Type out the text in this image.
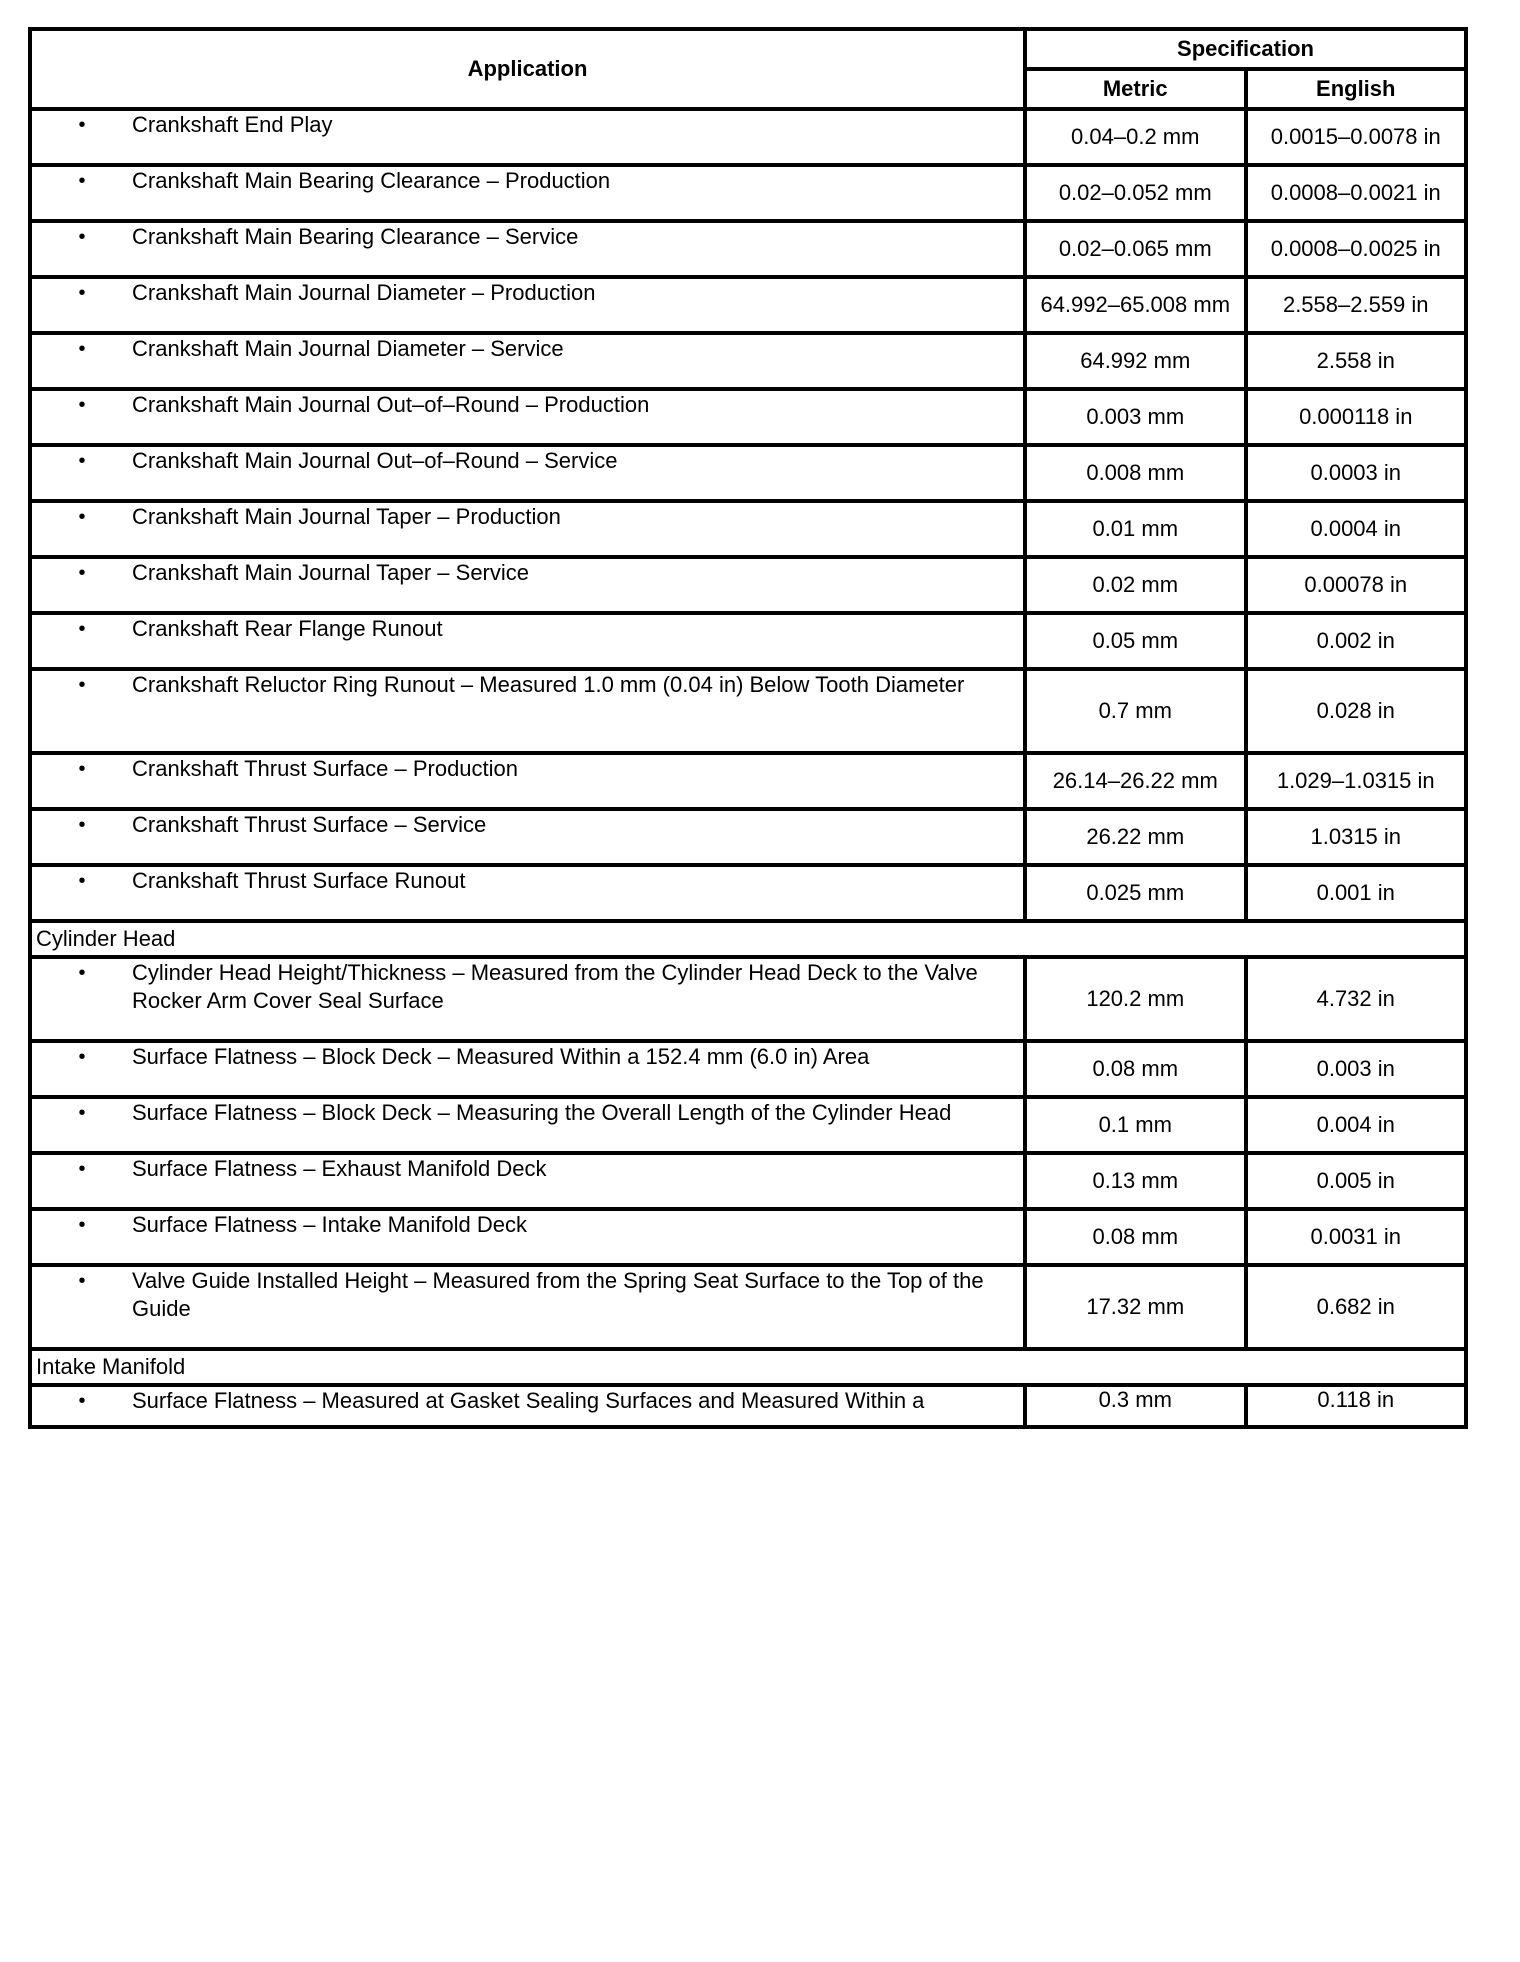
Application	Specification	
	Metric	English

• Crankshaft End Play	0.04–0.2 mm	0.0015–0.0078 in

• Crankshaft Main Bearing Clearance – Production	0.02–0.052 mm	0.0008–0.0021 in

• Crankshaft Main Bearing Clearance – Service	0.02–0.065 mm	0.0008–0.0025 in

• Crankshaft Main Journal Diameter – Production	64.992–65.008 mm	2.558–2.559 in

• Crankshaft Main Journal Diameter – Service	64.992 mm	2.558 in

• Crankshaft Main Journal Out–of–Round – Production	0.003 mm	0.000118 in

• Crankshaft Main Journal Out–of–Round – Service	0.008 mm	0.0003 in

• Crankshaft Main Journal Taper – Production	0.01 mm	0.0004 in

• Crankshaft Main Journal Taper – Service	0.02 mm	0.00078 in

• Crankshaft Rear Flange Runout	0.05 mm	0.002 in

• Crankshaft Reluctor Ring Runout – Measured 1.0 mm (0.04 in) Below Tooth Diameter	0.7 mm	0.028 in

• Crankshaft Thrust Surface – Production	26.14–26.22 mm	1.029–1.0315 in

• Crankshaft Thrust Surface – Service	26.22 mm	1.0315 in

• Crankshaft Thrust Surface Runout	0.025 mm	0.001 in
Cylinder Head		

• Cylinder Head Height/Thickness – Measured from the Cylinder Head Deck to the Valve Rocker Arm Cover Seal Surface	120.2 mm	4.732 in

• Surface Flatness – Block Deck – Measured Within a 152.4 mm (6.0 in) Area	0.08 mm	0.003 in

• Surface Flatness – Block Deck – Measuring the Overall Length of the Cylinder Head	0.1 mm	0.004 in

• Surface Flatness – Exhaust Manifold Deck	0.13 mm	0.005 in

• Surface Flatness – Intake Manifold Deck	0.08 mm	0.0031 in

• Valve Guide Installed Height – Measured from the Spring Seat Surface to the Top of the Guide	17.32 mm	0.682 in
Intake Manifold		

• Surface Flatness – Measured at Gasket Sealing Surfaces and Measured Within a	0.3 mm	0.118 in
